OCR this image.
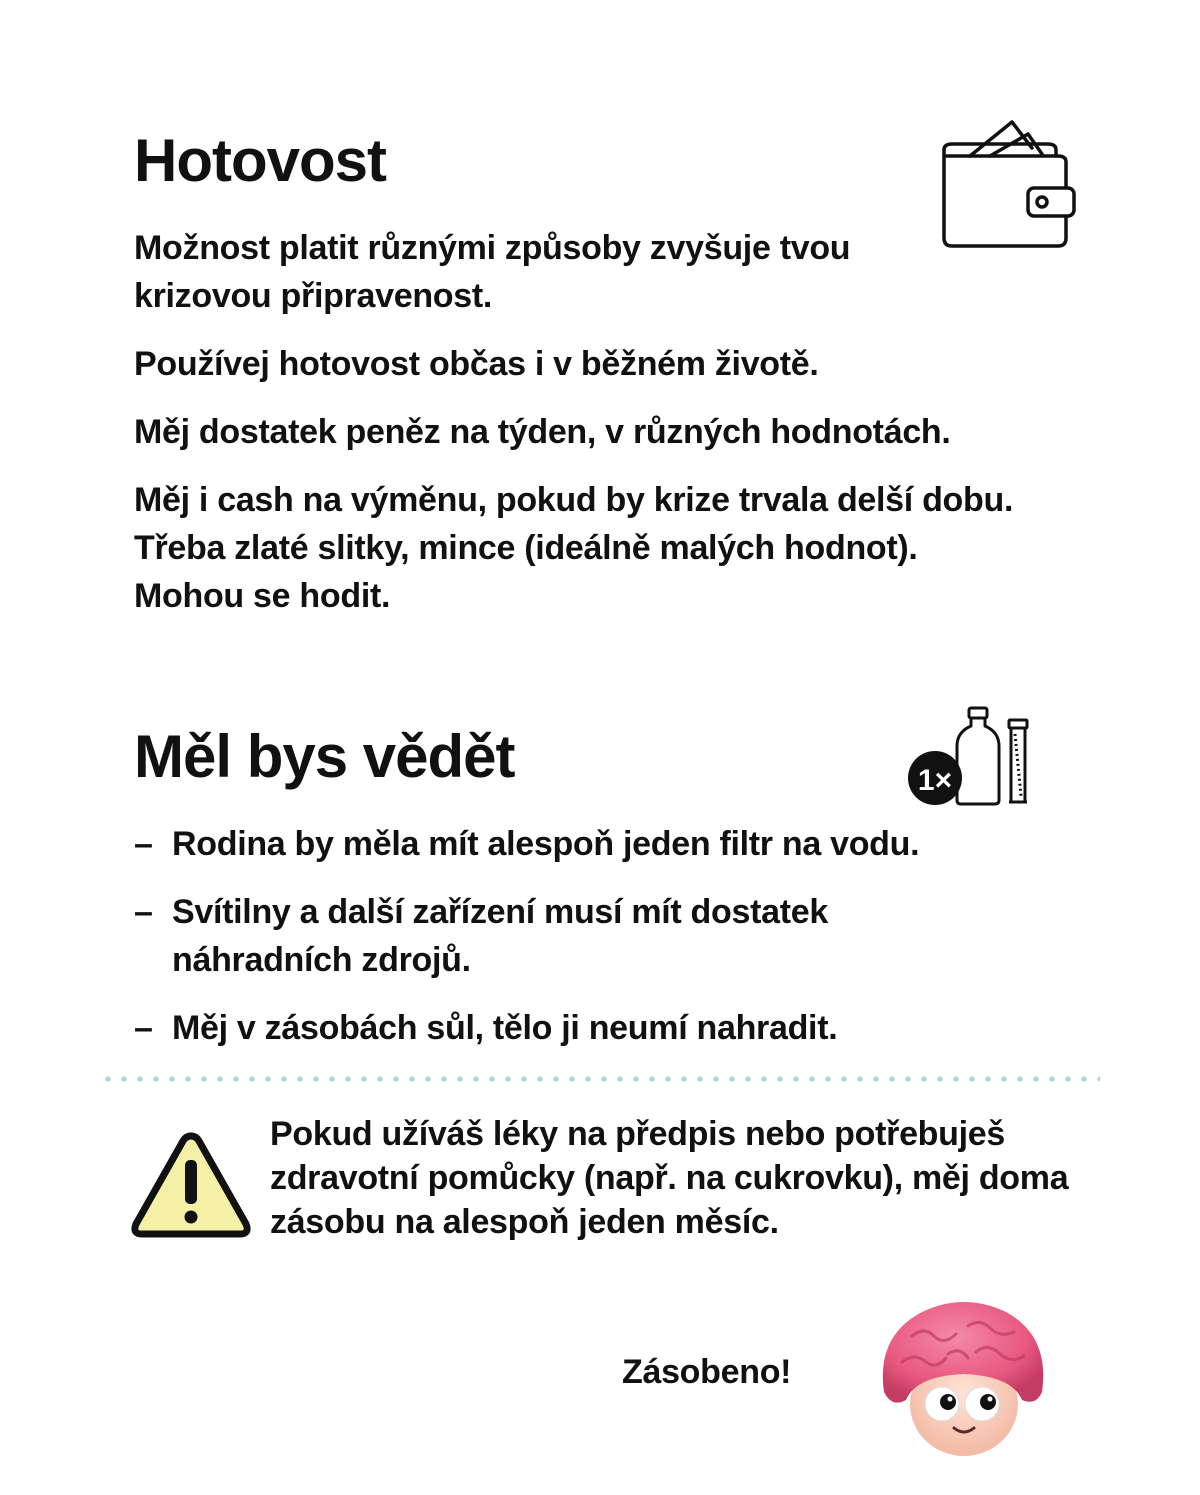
Hotovost

Možnost platit různými způsoby zvyšuje tvou krizovou připravenost.

Používej hotovost občas i v běžném životě.

Měj dostatek peněz na týden, v různých hodnotách.

Měj i cash na výměnu, pokud by krize trvala delší dobu. Třeba zlaté slitky, mince (ideálně malých hodnot). Mohou se hodit.

Měl bys vědět	1×
– Rodina by měla mít alespoň jeden filtr na vodu.
– Svítilny a další zařízení musí mít dostatek náhradních zdrojů.
– Měj v zásobách sůl, tělo ji neumí nahradit.

Pokud užíváš léky na předpis nebo potřebuješ zdravotní pomůcky (např. na cukrovku), měj doma zásobu na alespoň jeden měsíc.

Zásobeno!
